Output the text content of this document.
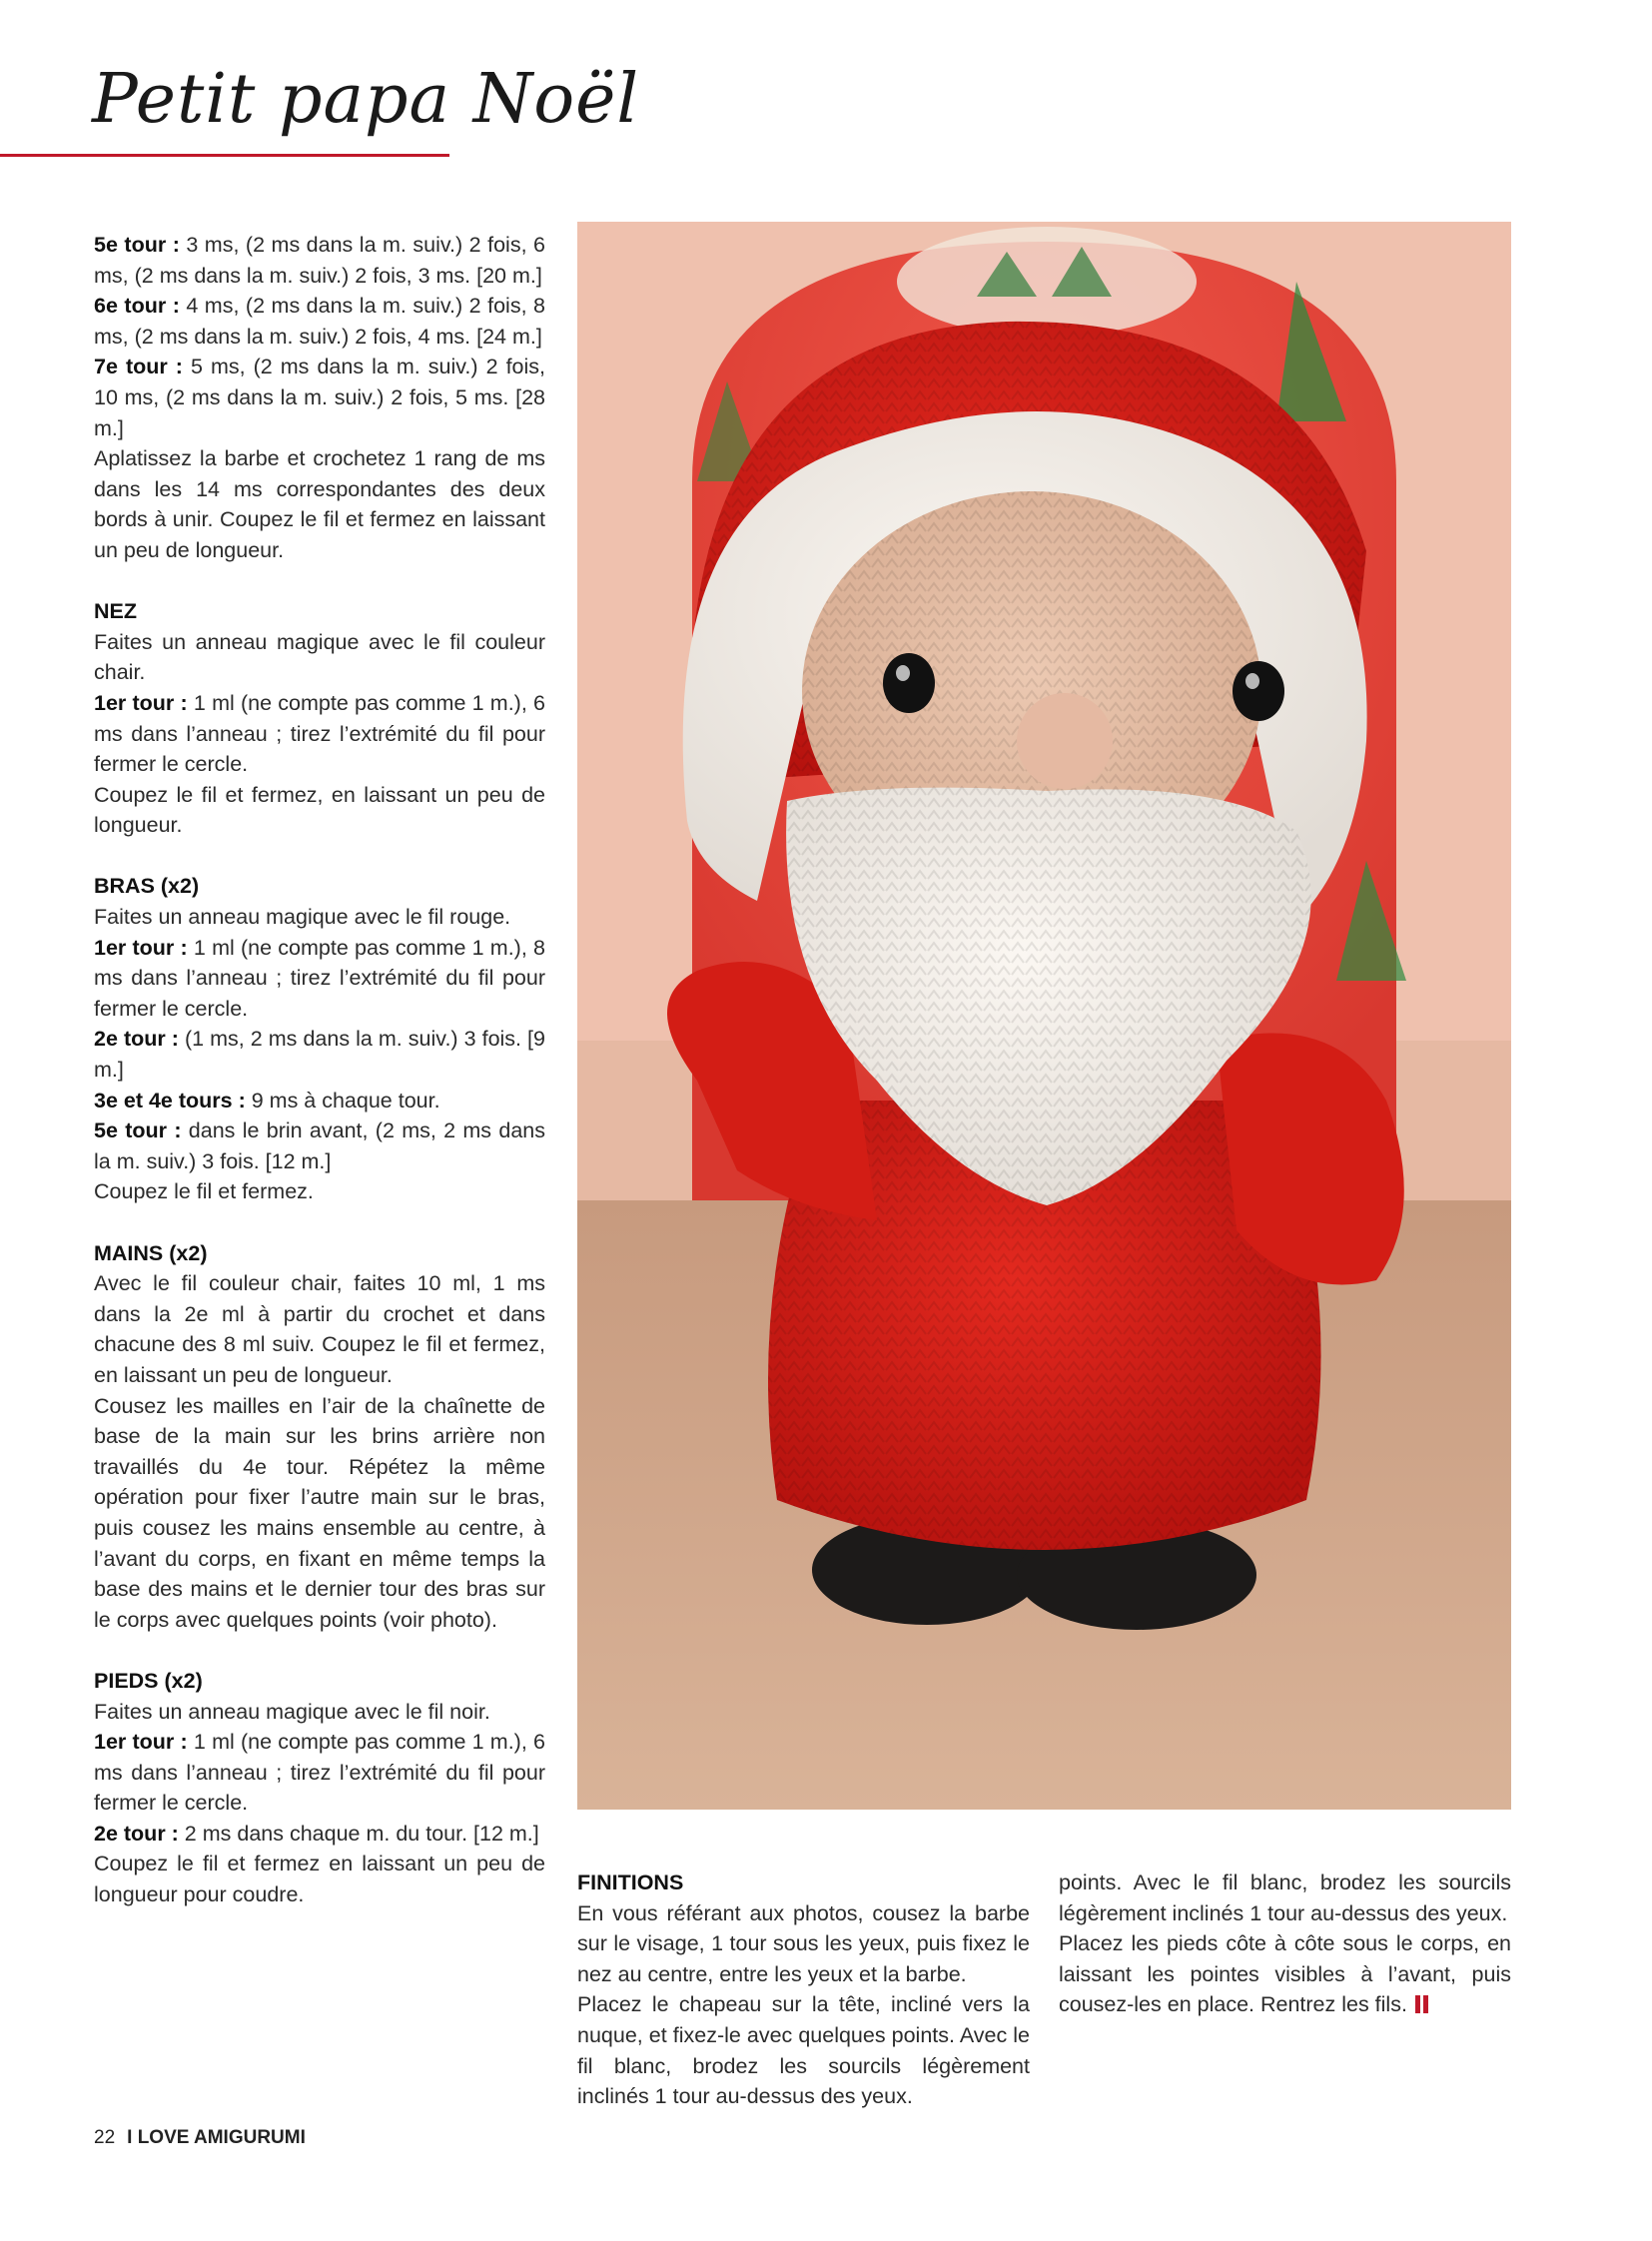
Petit papa Noël

5e tour : 3 ms, (2 ms dans la m. suiv.) 2 fois, 6 ms, (2 ms dans la m. suiv.) 2 fois, 3 ms. [20 m.]

6e tour : 4 ms, (2 ms dans la m. suiv.) 2 fois, 8 ms, (2 ms dans la m. suiv.) 2 fois, 4 ms. [24 m.]

7e tour : 5 ms, (2 ms dans la m. suiv.) 2 fois, 10 ms, (2 ms dans la m. suiv.) 2 fois, 5 ms. [28 m.]

Aplatissez la barbe et crochetez 1 rang de ms dans les 14 ms correspondantes des deux bords à unir. Coupez le fil et fermez en laissant un peu de longueur.

NEZ

Faites un anneau magique avec le fil couleur chair.

1er tour : 1 ml (ne compte pas comme 1 m.), 6 ms dans l’anneau ; tirez l’extrémité du fil pour fermer le cercle.

Coupez le fil et fermez, en laissant un peu de longueur.

BRAS (x2)

Faites un anneau magique avec le fil rouge.

1er tour : 1 ml (ne compte pas comme 1 m.), 8 ms dans l’anneau ; tirez l’extrémité du fil pour fermer le cercle.

2e tour : (1 ms, 2 ms dans la m. suiv.) 3 fois. [9 m.]

3e et 4e tours : 9 ms à chaque tour.

5e tour : dans le brin avant, (2 ms, 2 ms dans la m. suiv.) 3 fois. [12 m.]

Coupez le fil et fermez.

MAINS (x2)

Avec le fil couleur chair, faites 10 ml, 1 ms dans la 2e ml à partir du crochet et dans chacune des 8 ml suiv. Coupez le fil et fermez, en laissant un peu de longueur.

Cousez les mailles en l’air de la chaînette de base de la main sur les brins arrière non travaillés du 4e tour. Répétez la même opération pour fixer l’autre main sur le bras, puis cousez les mains ensemble au centre, à l’avant du corps, en fixant en même temps la base des mains et le dernier tour des bras sur le corps avec quelques points (voir photo).

PIEDS (x2)

Faites un anneau magique avec le fil noir.

1er tour : 1 ml (ne compte pas comme 1 m.), 6 ms dans l’anneau ; tirez l’extrémité du fil pour fermer le cercle.

2e tour : 2 ms dans chaque m. du tour. [12 m.]

Coupez le fil et fermez en laissant un peu de longueur pour coudre.

FINITIONS

En vous référant aux photos, cousez la barbe sur le visage, 1 tour sous les yeux, puis fixez le nez au centre, entre les yeux et la barbe.

Placez le chapeau sur la tête, incliné vers la nuque, et fixez-le avec quelques points. Avec le fil blanc, brodez les sourcils légèrement inclinés 1 tour au-dessus des yeux.

points. Avec le fil blanc, brodez les sourcils légèrement inclinés 1 tour au-dessus des yeux.

Placez les pieds côte à côte sous le corps, en laissant les pointes visibles à l’avant, puis cousez-les en place. Rentrez les fils.

22 I LOVE AMIGURUMI
